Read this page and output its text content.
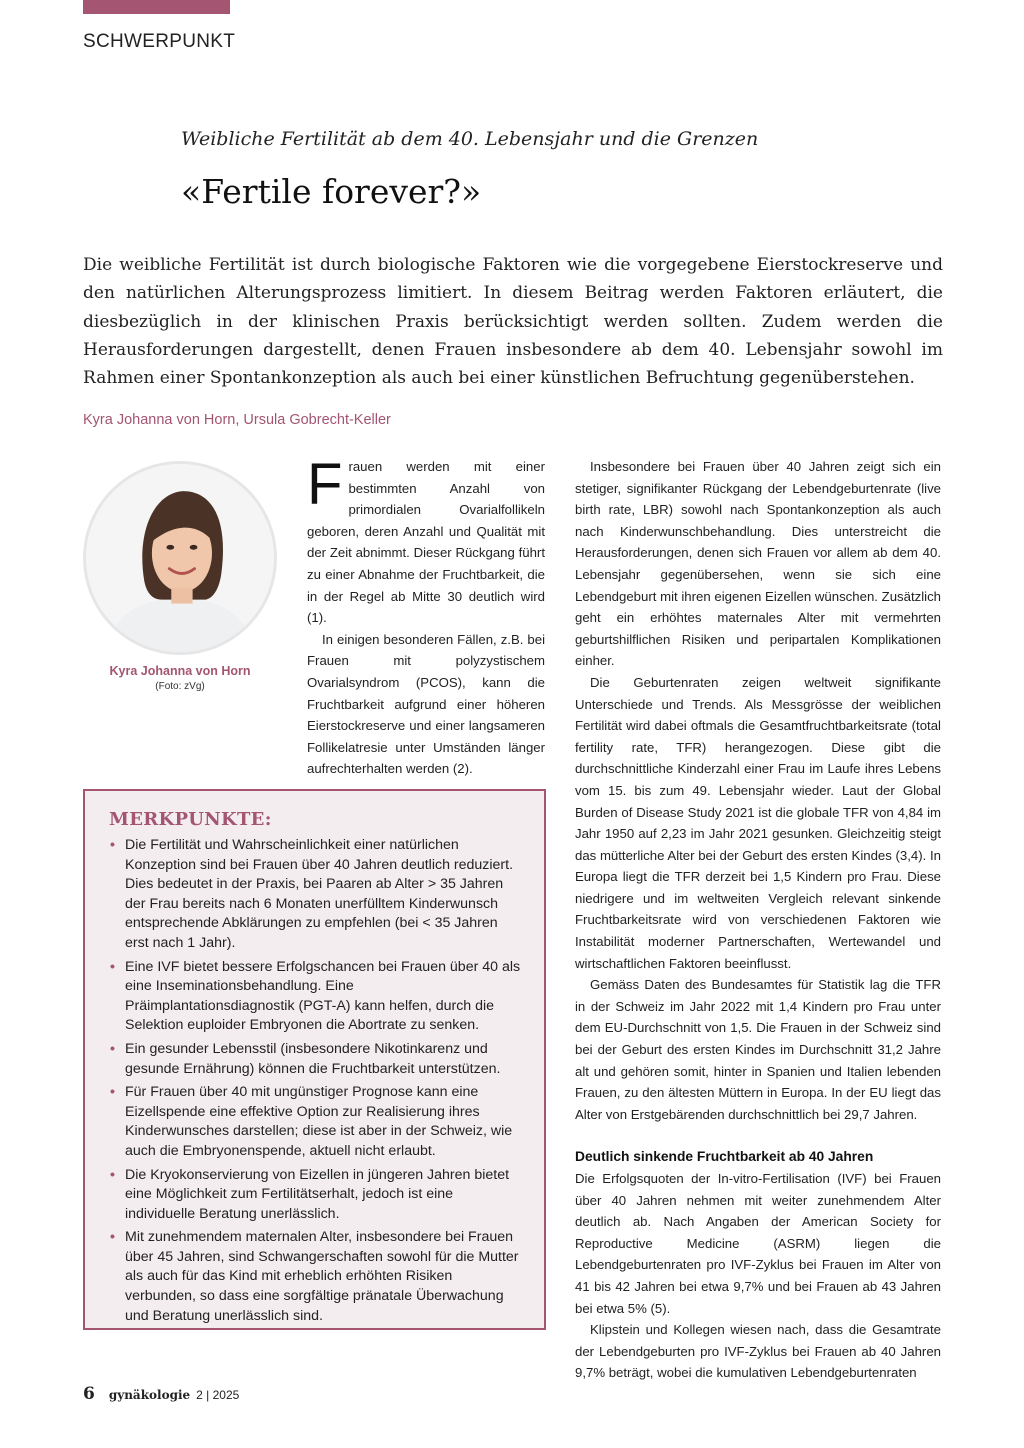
SCHWERPUNKT
Weibliche Fertilität ab dem 40. Lebensjahr und die Grenzen
«Fertile forever?»

Die weibliche Fertilität ist durch biologische Faktoren wie die vorgegebene Eierstockreserve und den natürlichen Alterungsprozess limitiert. In diesem Beitrag werden Faktoren erläutert, die diesbezüglich in der klinischen Praxis berücksichtigt werden sollten. Zudem werden die Herausforderungen dargestellt, denen Frauen insbesondere ab dem 40. Lebensjahr sowohl im Rahmen einer Spontankonzeption als auch bei einer künstlichen Befruchtung gegenüberstehen.

Kyra Johanna von Horn, Ursula Gobrecht-Keller
Kyra Johanna von Horn
(Foto: zVg)

Frauen werden mit einer bestimmten Anzahl von primordialen Ovarialfollikeln geboren, deren Anzahl und Qualität mit der Zeit abnimmt. Dieser Rückgang führt zu einer Abnahme der Fruchtbarkeit, die in der Regel ab Mitte 30 deutlich wird (1).

In einigen besonderen Fällen, z.B. bei Frauen mit polyzystischem Ovarialsyndrom (PCOS), kann die Fruchtbarkeit aufgrund einer höheren Eierstockreserve und einer langsameren Follikelatresie unter Umständen länger aufrechterhalten werden (2).

MERKPUNKTE:
• Die Fertilität und Wahrscheinlichkeit einer natürlichen Konzeption sind bei Frauen über 40 Jahren deutlich reduziert. Dies bedeutet in der Praxis, bei Paaren ab Alter > 35 Jahren der Frau bereits nach 6 Monaten unerfülltem Kinderwunsch entsprechende Abklärungen zu empfehlen (bei < 35 Jahren erst nach 1 Jahr).
• Eine IVF bietet bessere Erfolgschancen bei Frauen über 40 als eine Inseminationsbehandlung. Eine Präimplantationsdiagnostik (PGT-A) kann helfen, durch die Selektion euploider Embryonen die Abortrate zu senken.
• Ein gesunder Lebensstil (insbesondere Nikotinkarenz und gesunde Ernährung) können die Fruchtbarkeit unterstützen.
• Für Frauen über 40 mit ungünstiger Prognose kann eine Eizellspende eine effektive Option zur Realisierung ihres Kinderwunsches darstellen; diese ist aber in der Schweiz, wie auch die Embryonenspende, aktuell nicht erlaubt.
• Die Kryokonservierung von Eizellen in jüngeren Jahren bietet eine Möglichkeit zum Fertilitätserhalt, jedoch ist eine individuelle Beratung unerlässlich.
• Mit zunehmendem maternalen Alter, insbesondere bei Frauen über 45 Jahren, sind Schwangerschaften sowohl für die Mutter als auch für das Kind mit erheblich erhöhten Risiken verbunden, so dass eine sorgfältige pränatale Überwachung und Beratung unerlässlich sind.

Insbesondere bei Frauen über 40 Jahren zeigt sich ein stetiger, signifikanter Rückgang der Lebendgeburtenrate (live birth rate, LBR) sowohl nach Spontankonzeption als auch nach Kinderwunschbehandlung. Dies unterstreicht die Herausforderungen, denen sich Frauen vor allem ab dem 40. Lebensjahr gegenübersehen, wenn sie sich eine Lebendgeburt mit ihren eigenen Eizellen wünschen. Zusätzlich geht ein erhöhtes maternales Alter mit vermehrten geburtshilflichen Risiken und peripartalen Komplikationen einher.

Die Geburtenraten zeigen weltweit signifikante Unterschiede und Trends. Als Messgrösse der weiblichen Fertilität wird dabei oftmals die Gesamtfruchtbarkeitsrate (total fertility rate, TFR) herangezogen. Diese gibt die durchschnittliche Kinderzahl einer Frau im Laufe ihres Lebens vom 15. bis zum 49. Lebensjahr wieder. Laut der Global Burden of Disease Study 2021 ist die globale TFR von 4,84 im Jahr 1950 auf 2,23 im Jahr 2021 gesunken. Gleichzeitig steigt das mütterliche Alter bei der Geburt des ersten Kindes (3,4). In Europa liegt die TFR derzeit bei 1,5 Kindern pro Frau. Diese niedrigere und im weltweiten Vergleich relevant sinkende Fruchtbarkeitsrate wird von verschiedenen Faktoren wie Instabilität moderner Partnerschaften, Wertewandel und wirtschaftlichen Faktoren beeinflusst.

Gemäss Daten des Bundesamtes für Statistik lag die TFR in der Schweiz im Jahr 2022 mit 1,4 Kindern pro Frau unter dem EU-Durchschnitt von 1,5. Die Frauen in der Schweiz sind bei der Geburt des ersten Kindes im Durchschnitt 31,2 Jahre alt und gehören somit, hinter in Spanien und Italien lebenden Frauen, zu den ältesten Müttern in Europa. In der EU liegt das Alter von Erstgebärenden durchschnittlich bei 29,7 Jahren.

Deutlich sinkende Fruchtbarkeit ab 40 Jahren

Die Erfolgsquoten der In-vitro-Fertilisation (IVF) bei Frauen über 40 Jahren nehmen mit weiter zunehmendem Alter deutlich ab. Nach Angaben der American Society for Reproductive Medicine (ASRM) liegen die Lebendgeburtenraten pro IVF-Zyklus bei Frauen im Alter von 41 bis 42 Jahren bei etwa 9,7% und bei Frauen ab 43 Jahren bei etwa 5% (5).

Klipstein und Kollegen wiesen nach, dass die Gesamtrate der Lebendgeburten pro IVF-Zyklus bei Frauen ab 40 Jahren 9,7% beträgt, wobei die kumulativen Lebendgeburtenraten

6 gynäkologie 2 | 2025
